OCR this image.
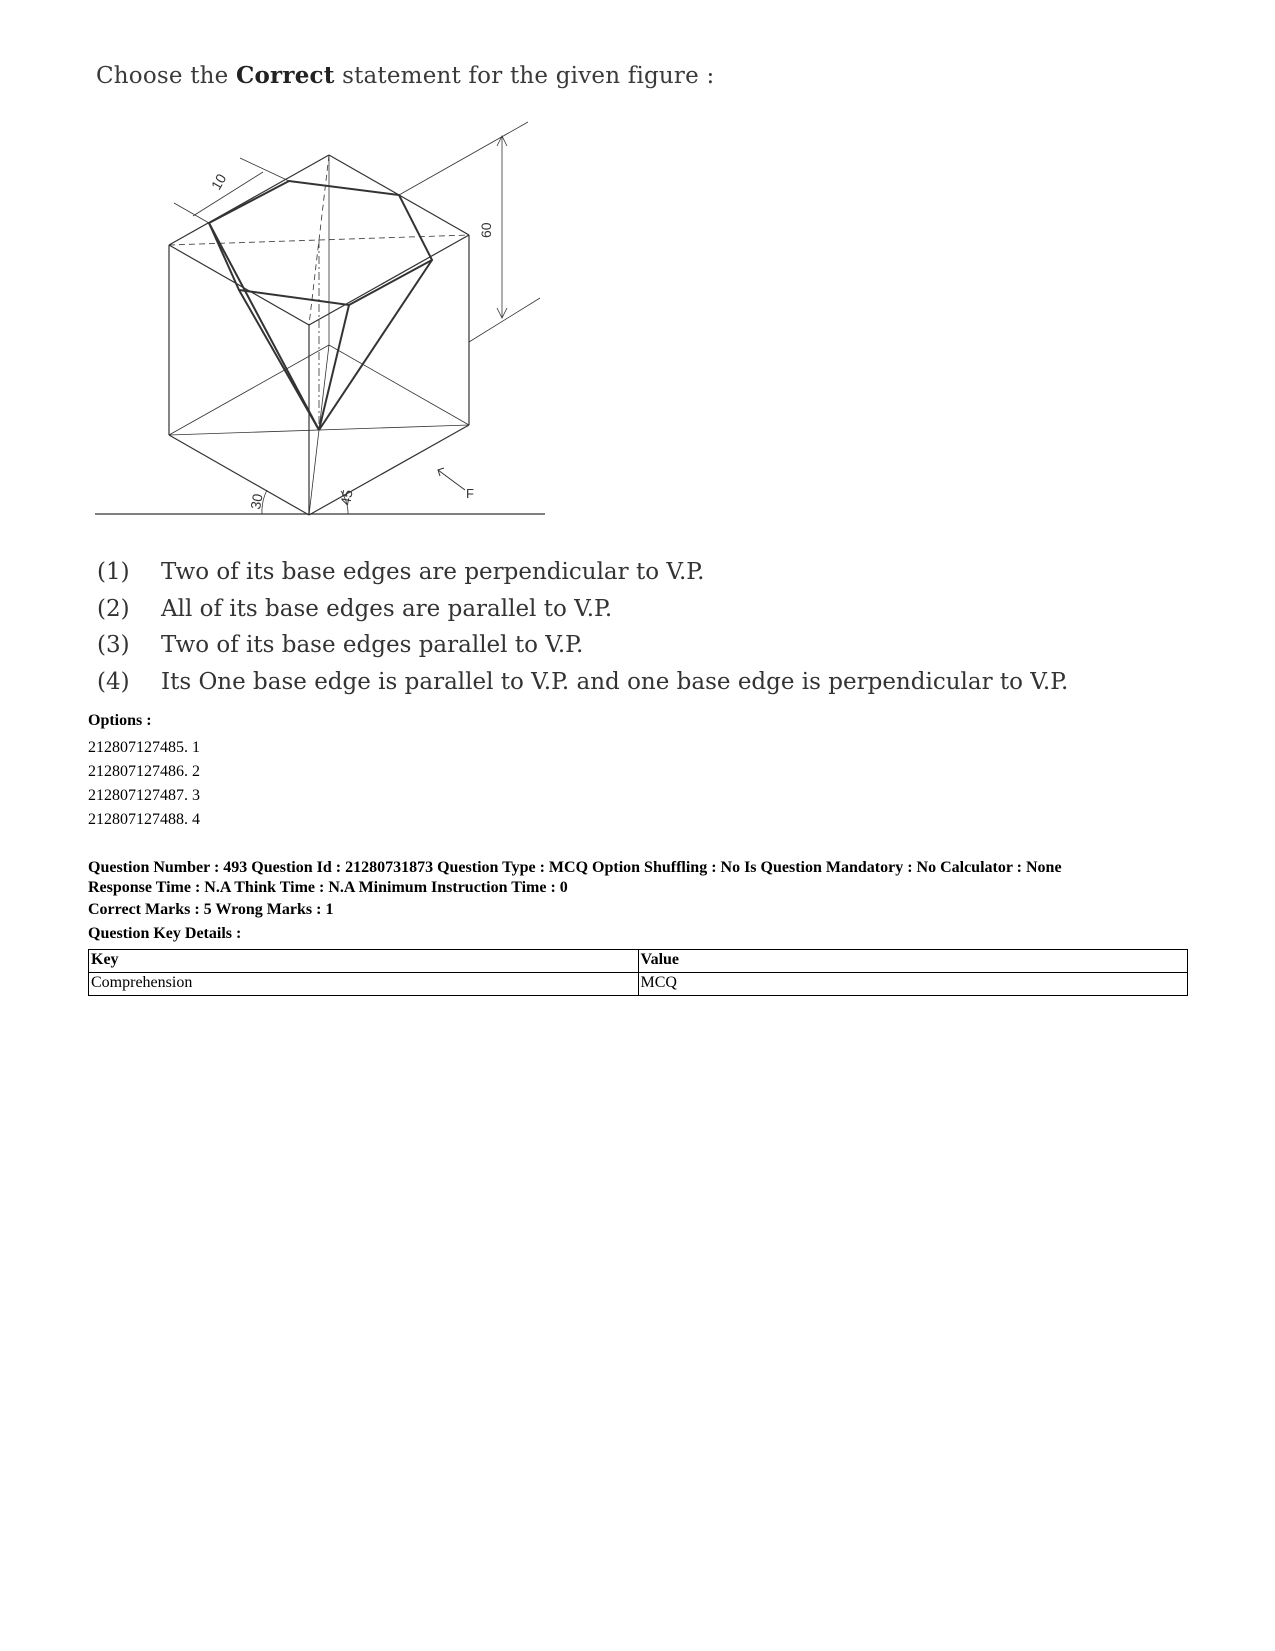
Choose the Correct statement for the given figure :
10
60
30	45	F
(1)	Two of its base edges are perpendicular to V.P.
(2)	All of its base edges are parallel to V.P.
(3)	Two of its base edges parallel to V.P.
(4)	Its One base edge is parallel to V.P. and one base edge is perpendicular to V.P.
Options :
212807127485. 1
212807127486. 2
212807127487. 3
212807127488. 4
Question Number : 493 Question Id : 21280731873 Question Type : MCQ Option Shuffling : No Is Question Mandatory : No Calculator : None
Response Time : N.A Think Time : N.A Minimum Instruction Time : 0
Correct Marks : 5 Wrong Marks : 1
Question Key Details :
Key	Value
Comprehension	MCQ
